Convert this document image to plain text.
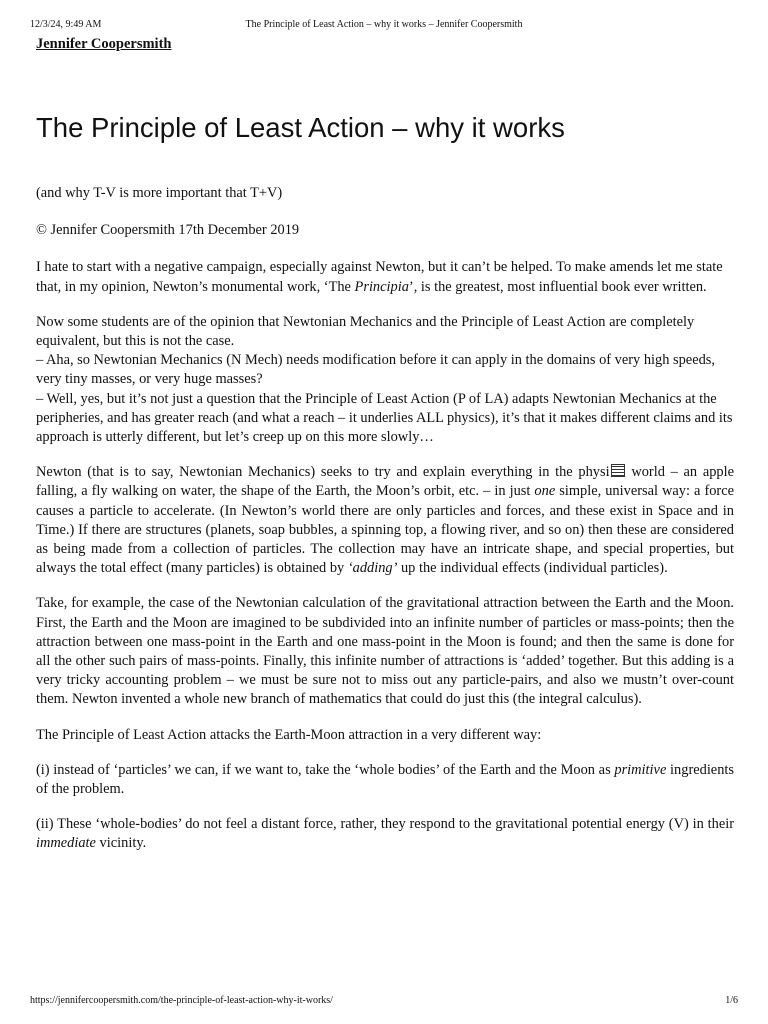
12/3/24, 9:49 AM	The Principle of Least Action – why it works – Jennifer Coopersmith
Jennifer Coopersmith
The Principle of Least Action – why it works

(and why T-V is more important that T+V)

© Jennifer Coopersmith 17th December 2019

I hate to start with a negative campaign, especially against Newton, but it can’t be helped. To make amends let me state that, in my opinion, Newton’s monumental work, ‘The Principia’, is the greatest, most influential book ever written.

Now some students are of the opinion that Newtonian Mechanics and the Principle of Least Action are completely equivalent, but this is not the case.
– Aha, so Newtonian Mechanics (N Mech) needs modification before it can apply in the domains of very high speeds, very tiny masses, or very huge masses?
– Well, yes, but it’s not just a question that the Principle of Least Action (P of LA) adapts Newtonian Mechanics at the peripheries, and has greater reach (and what a reach – it underlies ALL physics), it’s that it makes different claims and its approach is utterly different, but let’s creep up on this more slowly…

Newton (that is to say, Newtonian Mechanics) seeks to try and explain everything in the physi world – an apple falling, a fly walking on water, the shape of the Earth, the Moon’s orbit, etc. – in just one simple, universal way: a force causes a particle to accelerate. (In Newton’s world there are only particles and forces, and these exist in Space and in Time.) If there are structures (planets, soap bubbles, a spinning top, a flowing river, and so on) then these are considered as being made from a collection of particles. The collection may have an intricate shape, and special properties, but always the total effect (many particles) is obtained by ‘adding’ up the individual effects (individual particles).

Take, for example, the case of the Newtonian calculation of the gravitational attraction between the Earth and the Moon. First, the Earth and the Moon are imagined to be subdivided into an infinite number of particles or mass-points; then the attraction between one mass-point in the Earth and one mass-point in the Moon is found; and then the same is done for all the other such pairs of mass-points. Finally, this infinite number of attractions is ‘added’ together. But this adding is a very tricky accounting problem – we must be sure not to miss out any particle-pairs, and also we mustn’t over-count them. Newton invented a whole new branch of mathematics that could do just this (the integral calculus).

The Principle of Least Action attacks the Earth-Moon attraction in a very different way:

(i) instead of ‘particles’ we can, if we want to, take the ‘whole bodies’ of the Earth and the Moon as primitive ingredients of the problem.

(ii) These ‘whole-bodies’ do not feel a distant force, rather, they respond to the gravitational potential energy (V) in their immediate vicinity.

https://jennifercoopersmith.com/the-principle-of-least-action-why-it-works/	1/6
